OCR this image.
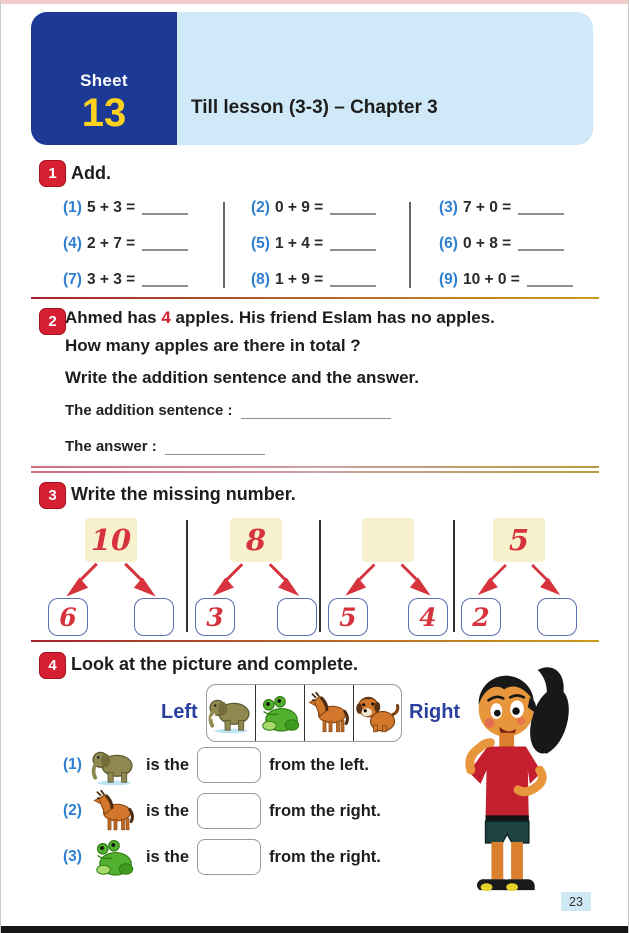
Sheet
13	Till lesson (3-3) – Chapter 3
1 Add.
(1) 5 + 3 =
(4) 2 + 7 =
(7) 3 + 3 =
(2) 0 + 9 =
(5) 1 + 4 =
(8) 1 + 9 =
(3) 7 + 0 =
(6) 0 + 8 =
(9) 10 + 0 =
2 Ahmed has 4 apples. His friend Eslam has no apples.
How many apples are there in total ?
Write the addition sentence and the answer.
The addition sentence :
The answer :
3 Write the missing number.
10
6
8
3	5	4
5
2
4 Look at the picture and complete.
Left	Right
(1)	is the	from the left.
(2)	is the	from the right.
(3)	is the	from the right.
23
